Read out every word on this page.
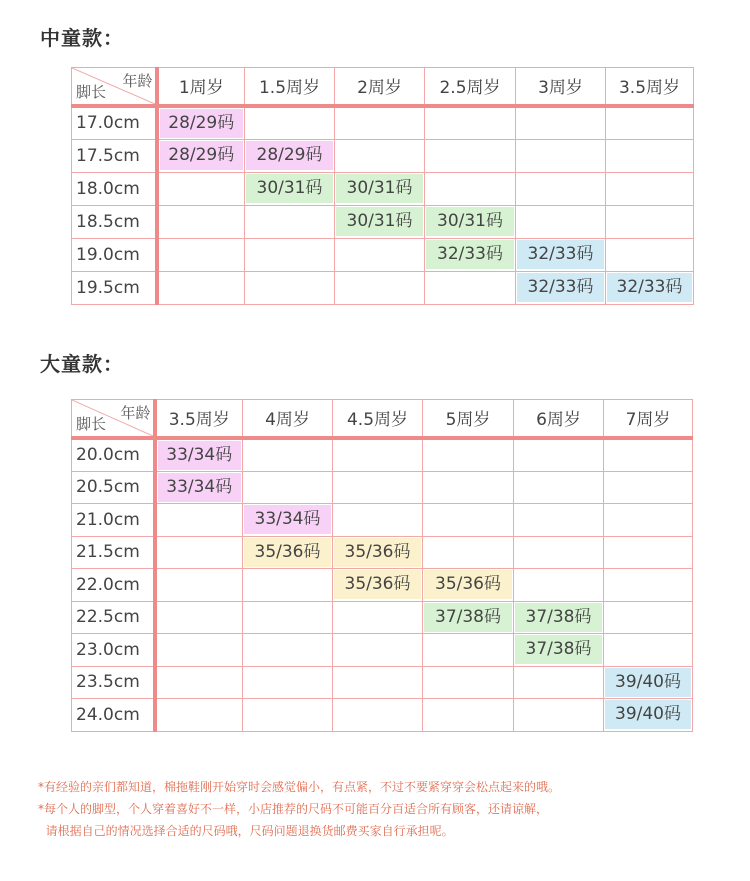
中童款：
年龄
脚长	1周岁	1.5周岁	2周岁	2.5周岁	3周岁	3.5周岁
17.0cm	28/29码					

17.5cm	28/29码	28/29码				

18.0cm		30/31码	30/31码			

18.5cm			30/31码	30/31码		

19.0cm				32/33码	32/33码	

19.5cm					32/33码	32/33码
大童款：
年龄
脚长	3.5周岁	4周岁	4.5周岁	5周岁	6周岁	7周岁
20.0cm	33/34码					

20.5cm	33/34码					

21.0cm		33/34码				

21.5cm		35/36码	35/36码			

22.0cm			35/36码	35/36码		

22.5cm				37/38码	37/38码	

23.0cm					37/38码	

23.5cm						39/40码

24.0cm						39/40码
*有经验的亲们都知道，棉拖鞋刚开始穿时会感觉偏小，有点紧，不过不要紧穿穿会松点起来的哦。
*每个人的脚型，个人穿着喜好不一样，小店推荐的尺码不可能百分百适合所有顾客，还请谅解，
请根据自己的情况选择合适的尺码哦，尺码问题退换货邮费买家自行承担呢。
